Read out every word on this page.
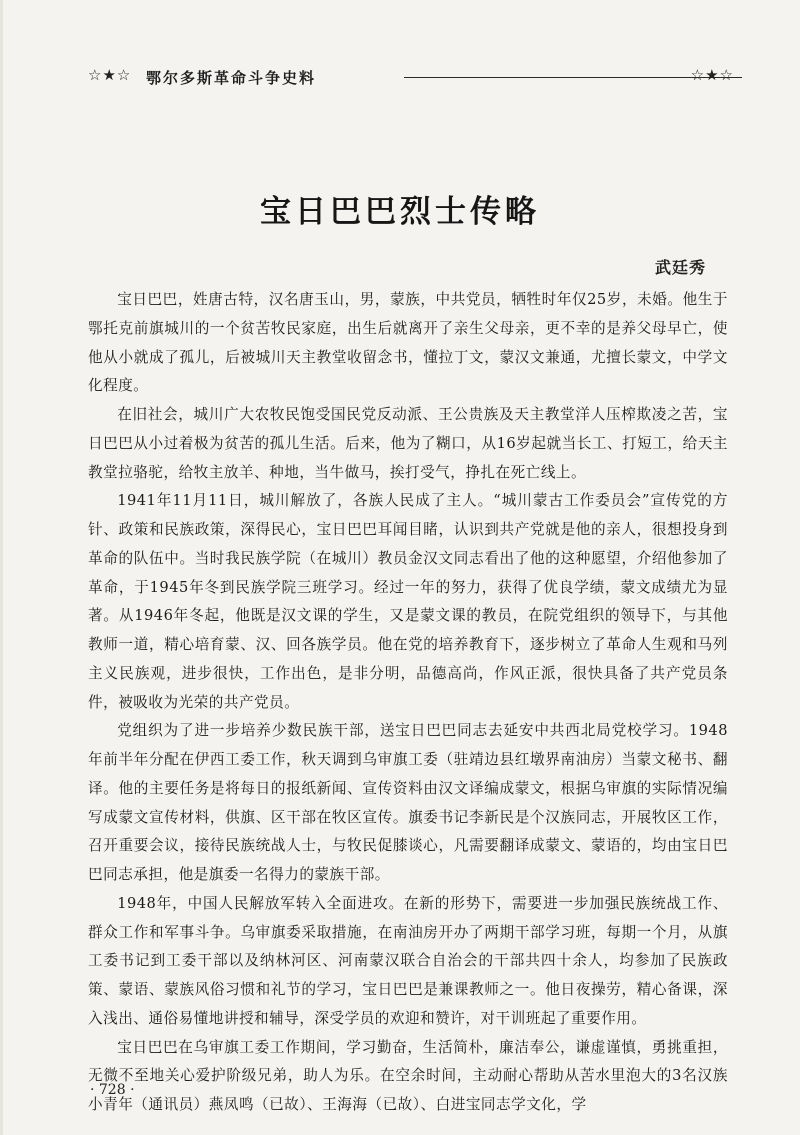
☆★☆ 鄂尔多斯革命斗争史料	☆★☆
宝日巴巴烈士传略
武廷秀

宝日巴巴，姓唐古特，汉名唐玉山，男，蒙族，中共党员，牺牲时年仅25岁，未婚。他生于鄂托克前旗城川的一个贫苦牧民家庭，出生后就离开了亲生父母亲，更不幸的是养父母早亡，使他从小就成了孤儿，后被城川天主教堂收留念书，懂拉丁文，蒙汉文兼通，尤擅长蒙文，中学文化程度。

在旧社会，城川广大农牧民饱受国民党反动派、王公贵族及天主教堂洋人压榨欺凌之苦，宝日巴巴从小过着极为贫苦的孤儿生活。后来，他为了糊口，从16岁起就当长工、打短工，给天主教堂拉骆驼，给牧主放羊、种地，当牛做马，挨打受气，挣扎在死亡线上。

1941年11月11日，城川解放了，各族人民成了主人。“城川蒙古工作委员会”宣传党的方针、政策和民族政策，深得民心，宝日巴巴耳闻目睹，认识到共产党就是他的亲人，很想投身到革命的队伍中。当时我民族学院（在城川）教员金汉文同志看出了他的这种愿望，介绍他参加了革命，于1945年冬到民族学院三班学习。经过一年的努力，获得了优良学绩，蒙文成绩尤为显著。从1946年冬起，他既是汉文课的学生，又是蒙文课的教员，在院党组织的领导下，与其他教师一道，精心培育蒙、汉、回各族学员。他在党的培养教育下，逐步树立了革命人生观和马列主义民族观，进步很快，工作出色，是非分明，品德高尚，作风正派，很快具备了共产党员条件，被吸收为光荣的共产党员。

党组织为了进一步培养少数民族干部，送宝日巴巴同志去延安中共西北局党校学习。1948年前半年分配在伊西工委工作，秋天调到乌审旗工委（驻靖边县红墩界南油房）当蒙文秘书、翻译。他的主要任务是将每日的报纸新闻、宣传资料由汉文译编成蒙文，根据乌审旗的实际情况编写成蒙文宣传材料，供旗、区干部在牧区宣传。旗委书记李新民是个汉族同志，开展牧区工作，召开重要会议，接待民族统战人士，与牧民促膝谈心，凡需要翻译成蒙文、蒙语的，均由宝日巴巴同志承担，他是旗委一名得力的蒙族干部。

1948年，中国人民解放军转入全面进攻。在新的形势下，需要进一步加强民族统战工作、群众工作和军事斗争。乌审旗委采取措施，在南油房开办了两期干部学习班，每期一个月，从旗工委书记到工委干部以及纳林河区、河南蒙汉联合自治会的干部共四十余人，均参加了民族政策、蒙语、蒙族风俗习惯和礼节的学习，宝日巴巴是兼课教师之一。他日夜操劳，精心备课，深入浅出、通俗易懂地讲授和辅导，深受学员的欢迎和赞许，对干训班起了重要作用。

宝日巴巴在乌审旗工委工作期间，学习勤奋，生活简朴，廉洁奉公，谦虚谨慎，勇挑重担，无微不至地关心爱护阶级兄弟，助人为乐。在空余时间，主动耐心帮助从苦水里泡大的3名汉族小青年（通讯员）燕凤鸣（已故）、王海海（已故）、白进宝同志学文化，学

· 728 ·
